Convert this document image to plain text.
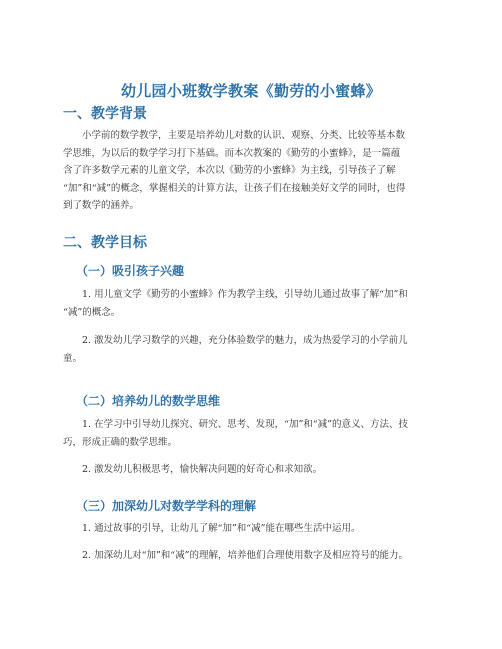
幼儿园小班数学教案《勤劳的小蜜蜂》
一、教学背景
小学前的数学教学，主要是培养幼儿对数的认识、观察、分类、比较等基本数
学思维，为以后的数学学习打下基础。而本次教案的《勤劳的小蜜蜂》，是一篇蕴
含了许多数学元素的儿童文学，本次以《勤劳的小蜜蜂》为主线，引导孩子了解
“加”和“减”的概念，掌握相关的计算方法，让孩子们在接触美好文学的同时，也得
到了数学的涵养。
二、教学目标
（一）吸引孩子兴趣
1. 用儿童文学《勤劳的小蜜蜂》作为教学主线，引导幼儿通过故事了解“加”和
“减”的概念。
2. 激发幼儿学习数学的兴趣，充分体验数学的魅力，成为热爱学习的小学前儿
童。
（二）培养幼儿的数学思维
1. 在学习中引导幼儿探究、研究、思考、发现，“加”和“减”的意义、方法、技
巧，形成正确的数学思维。
2. 激发幼儿积极思考，愉快解决问题的好奇心和求知欲。
（三）加深幼儿对数学学科的理解
1. 通过故事的引导，让幼儿了解“加”和“减”能在哪些生活中运用。
2. 加深幼儿对“加”和“减”的理解，培养他们合理使用数字及相应符号的能力。
